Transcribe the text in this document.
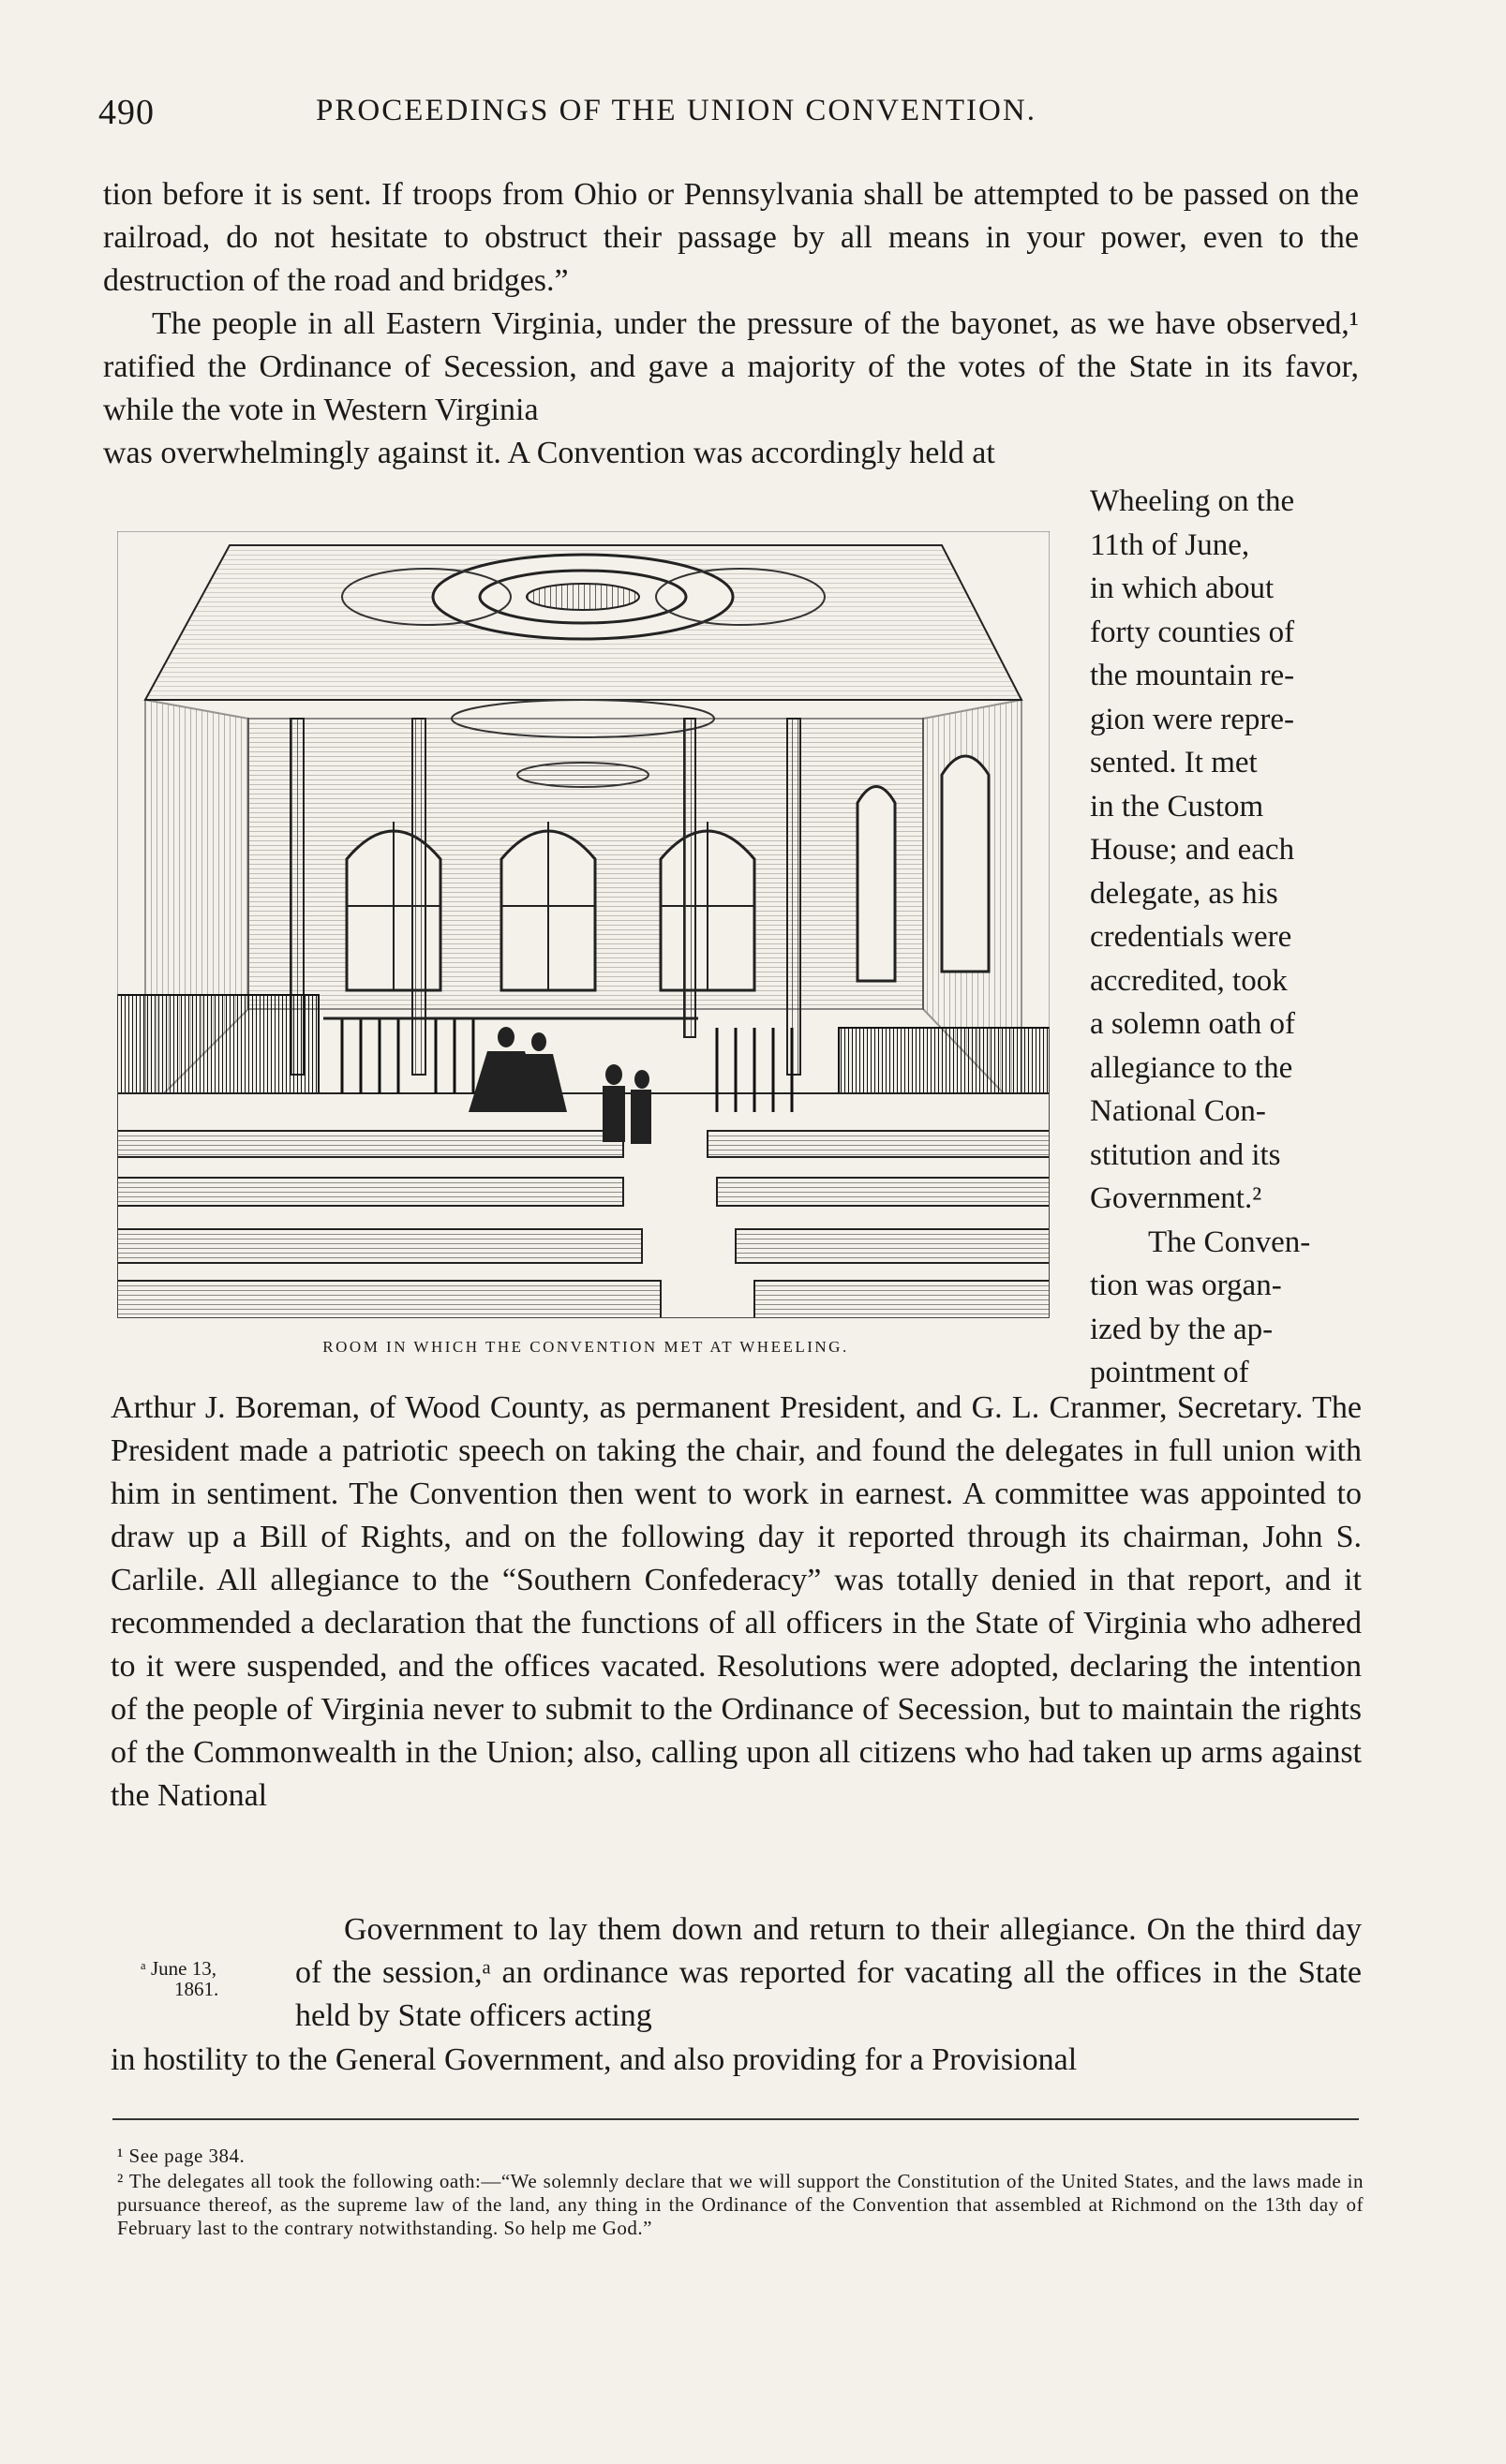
490	PROCEEDINGS OF THE UNION CONVENTION.

tion before it is sent. If troops from Ohio or Pennsylvania shall be attempted to be passed on the railroad, do not hesitate to obstruct their passage by all means in your power, even to the destruction of the road and bridges.”

The people in all Eastern Virginia, under the pressure of the bayonet, as we have observed,¹ ratified the Ordinance of Secession, and gave a majority of the votes of the State in its favor, while the vote in Western Virginia

was overwhelmingly against it. A Convention was accordingly held at

Wheeling on the
11th of June,
in which about
forty counties of
the mountain re-
gion were repre-
sented. It met
in the Custom
House; and each
delegate, as his
credentials were
accredited, took
a solemn oath of
allegiance to the
National Con-
stitution and its
Government.²
The Conven-
tion was organ-
ized by the ap-
pointment of
ROOM IN WHICH THE CONVENTION MET AT WHEELING.

Arthur J. Boreman, of Wood County, as permanent President, and G. L. Cranmer, Secretary. The President made a patriotic speech on taking the chair, and found the delegates in full union with him in sentiment. The Convention then went to work in earnest. A committee was appointed to draw up a Bill of Rights, and on the following day it reported through its chairman, John S. Carlile. All allegiance to the “Southern Confederacy” was totally denied in that report, and it recommended a declaration that the functions of all officers in the State of Virginia who adhered to it were suspended, and the offices vacated. Resolutions were adopted, declaring the intention of the people of Virginia never to submit to the Ordinance of Secession, but to maintain the rights of the Commonwealth in the Union; also, calling upon all citizens who had taken up arms against the National

Government to lay them down and return to their allegiance. On the third day of the session,ᵃ an ordinance was reported for vacating all the offices in the State held by State officers acting

ᵃ June 13,
1861.

in hostility to the General Government, and also providing for a Provisional

¹ See page 384.

² The delegates all took the following oath:—“We solemnly declare that we will support the Constitution of the United States, and the laws made in pursuance thereof, as the supreme law of the land, any thing in the Ordinance of the Convention that assembled at Richmond on the 13th day of February last to the contrary notwithstanding. So help me God.”
